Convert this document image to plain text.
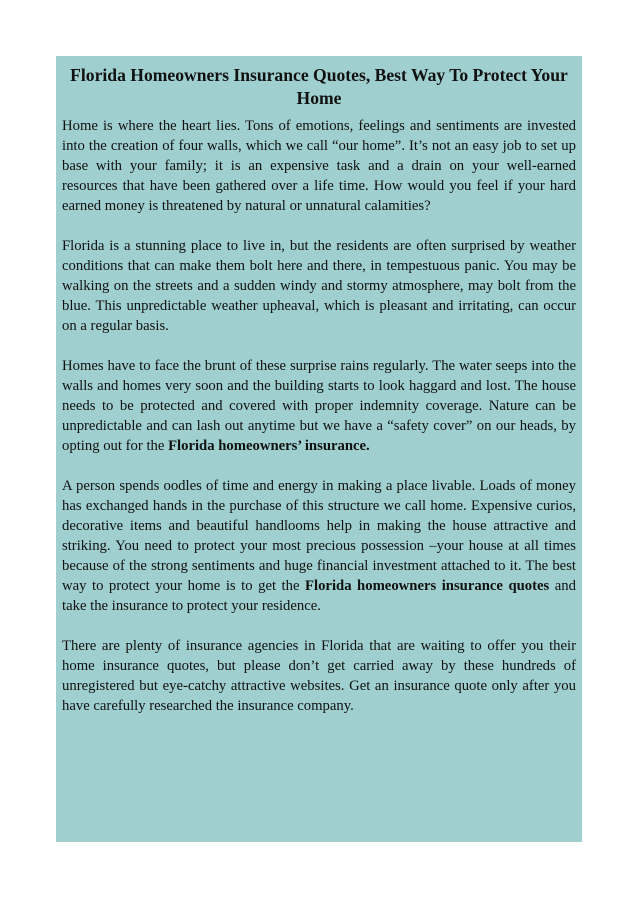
Florida Homeowners Insurance Quotes, Best Way To Protect Your Home

Home is where the heart lies. Tons of emotions, feelings and sentiments are invested into the creation of four walls, which we call “our home”. It’s not an easy job to set up base with your family; it is an expensive task and a drain on your well-earned resources that have been gathered over a life time. How would you feel if your hard earned money is threatened by natural or unnatural calamities?

Florida is a stunning place to live in, but the residents are often surprised by weather conditions that can make them bolt here and there, in tempestuous panic. You may be walking on the streets and a sudden windy and stormy atmosphere, may bolt from the blue. This unpredictable weather upheaval, which is pleasant and irritating, can occur on a regular basis.

Homes have to face the brunt of these surprise rains regularly. The water seeps into the walls and homes very soon and the building starts to look haggard and lost. The house needs to be protected and covered with proper indemnity coverage. Nature can be unpredictable and can lash out anytime but we have a “safety cover” on our heads, by opting out for the Florida homeowners’ insurance.

A person spends oodles of time and energy in making a place livable. Loads of money has exchanged hands in the purchase of this structure we call home. Expensive curios, decorative items and beautiful handlooms help in making the house attractive and striking. You need to protect your most precious possession –your house at all times because of the strong sentiments and huge financial investment attached to it. The best way to protect your home is to get the Florida homeowners insurance quotes and take the insurance to protect your residence.

There are plenty of insurance agencies in Florida that are waiting to offer you their home insurance quotes, but please don’t get carried away by these hundreds of unregistered but eye-catchy attractive websites. Get an insurance quote only after you have carefully researched the insurance company.
